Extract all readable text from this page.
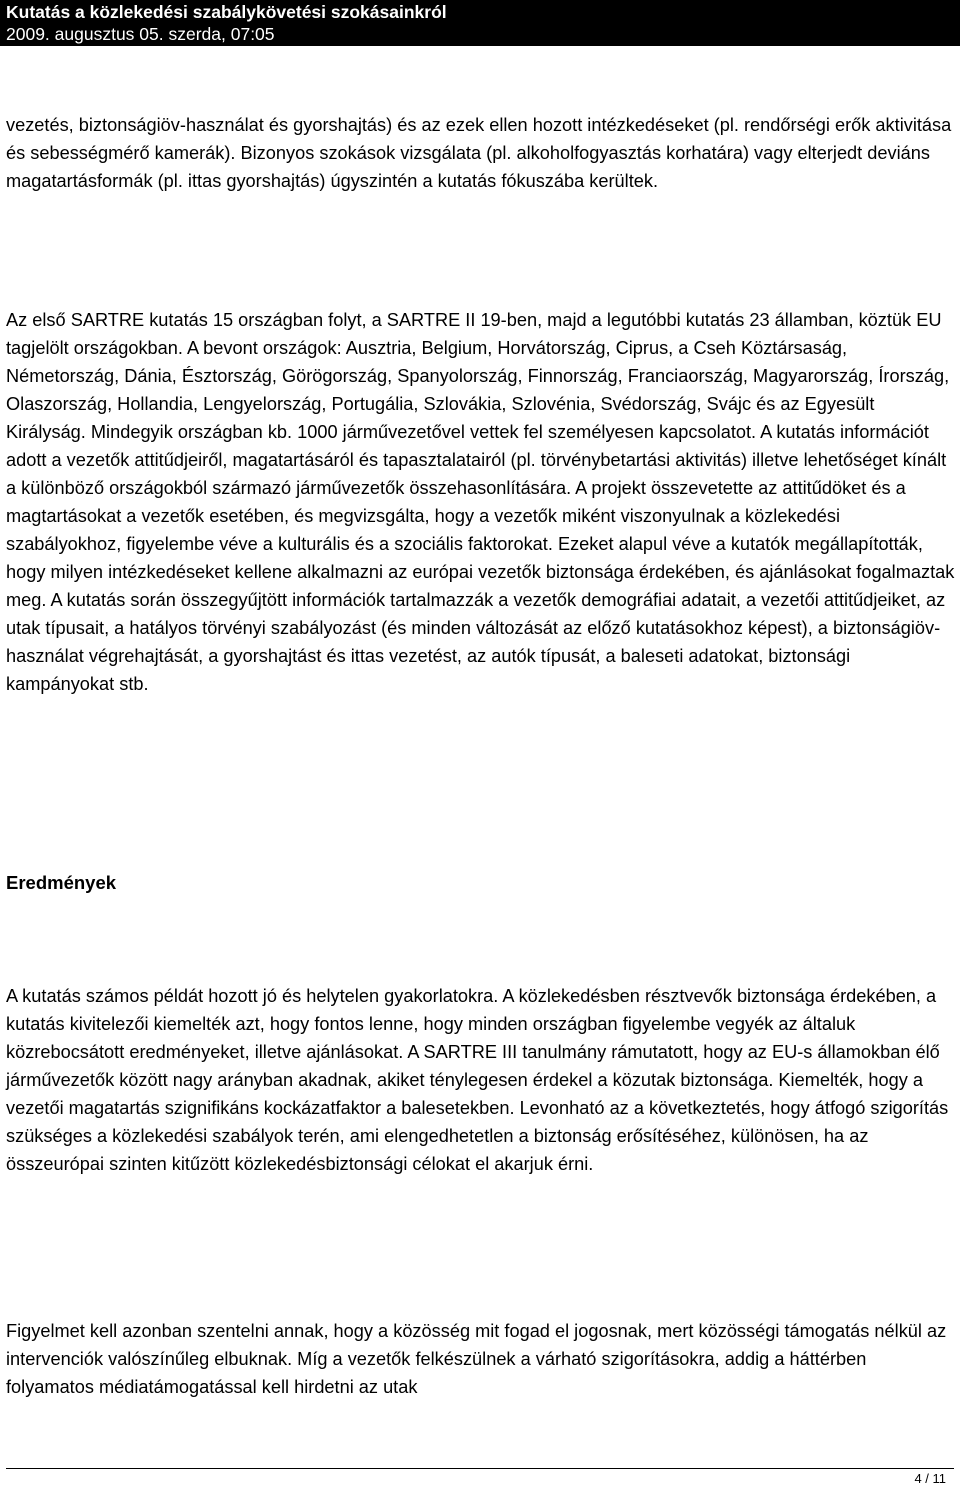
Kutatás a közlekedési szabálykövetési szokásainkról
2009. augusztus 05. szerda, 07:05

vezetés, biztonságiöv-használat és gyorshajtás) és az ezek ellen hozott intézkedéseket (pl. rendőrségi erők aktivitása és sebességmérő kamerák). Bizonyos szokások vizsgálata (pl. alkoholfogyasztás korhatára) vagy elterjedt deviáns magatartásformák (pl. ittas gyorshajtás) úgyszintén a kutatás fókuszába kerültek.

Az első SARTRE kutatás 15 országban folyt, a SARTRE II 19-ben, majd a legutóbbi kutatás 23 államban, köztük EU tagjelölt országokban. A bevont országok: Ausztria, Belgium, Horvátország, Ciprus, a Cseh Köztársaság, Németország, Dánia, Észtország, Görögország, Spanyolország, Finnország, Franciaország, Magyarország, Írország, Olaszország, Hollandia, Lengyelország, Portugália, Szlovákia, Szlovénia, Svédország, Svájc és az Egyesült Királyság. Mindegyik országban kb. 1000 járművezetővel vettek fel személyesen kapcsolatot. A kutatás információt adott a vezetők attitűdjeiről, magatartásáról és tapasztalatairól (pl. törvénybetartási aktivitás) illetve lehetőséget kínált a különböző országokból származó járművezetők összehasonlítására. A projekt összevetette az attitűdöket és a magtartásokat a vezetők esetében, és megvizsgálta, hogy a vezetők miként viszonyulnak a közlekedési szabályokhoz, figyelembe véve a kulturális és a szociális faktorokat. Ezeket alapul véve a kutatók megállapították, hogy milyen intézkedéseket kellene alkalmazni az európai vezetők biztonsága érdekében, és ajánlásokat fogalmaztak meg. A kutatás során összegyűjtött információk tartalmazzák a vezetők demográfiai adatait, a vezetői attitűdjeiket, az utak típusait, a hatályos törvényi szabályozást (és minden változását az előző kutatásokhoz képest), a biztonságiöv-használat végrehajtását, a gyorshajtást és ittas vezetést, az autók típusát, a baleseti adatokat, biztonsági kampányokat stb.

Eredmények

A kutatás számos példát hozott jó és helytelen gyakorlatokra. A közlekedésben résztvevők biztonsága érdekében, a kutatás kivitelezői kiemelték azt, hogy fontos lenne, hogy minden országban figyelembe vegyék az általuk közrebocsátott eredményeket, illetve ajánlásokat. A SARTRE III tanulmány rámutatott, hogy az EU-s államokban élő járművezetők között nagy arányban akadnak, akiket ténylegesen érdekel a közutak biztonsága. Kiemelték, hogy a vezetői magatartás szignifikáns kockázatfaktor a balesetekben. Levonható az a következtetés, hogy átfogó szigorítás szükséges a közlekedési szabályok terén, ami elengedhetetlen a biztonság erősítéséhez, különösen, ha az összeurópai szinten kitűzött közlekedésbiztonsági célokat el akarjuk érni.

Figyelmet kell azonban szentelni annak, hogy a közösség mit fogad el jogosnak, mert közösségi támogatás nélkül az intervenciók valószínűleg elbuknak. Míg a vezetők felkészülnek a várható szigorításokra, addig a háttérben folyamatos médiatámogatással kell hirdetni az utak

4 / 11
